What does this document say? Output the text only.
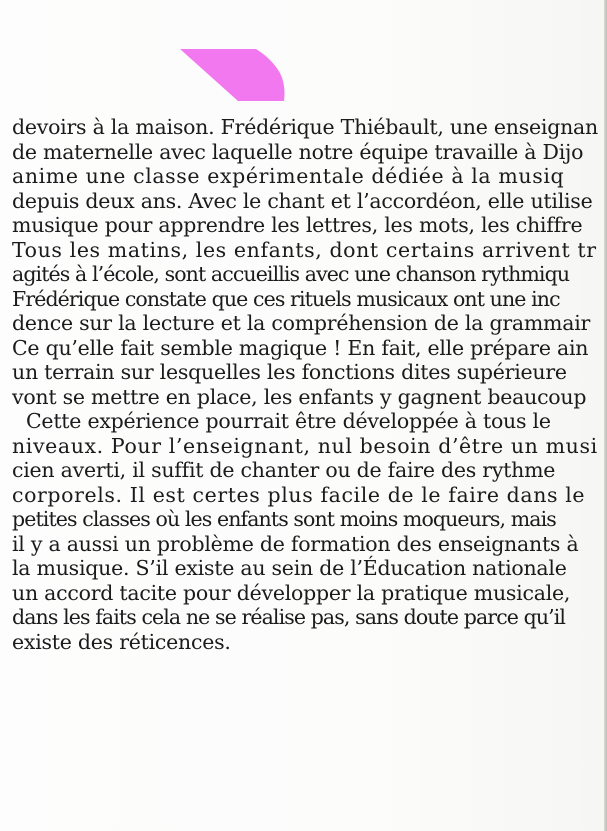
devoirs à la maison. Frédérique Thiébault, une enseignan
de maternelle avec laquelle notre équipe travaille à Dijo
anime une classe expérimentale dédiée à la musiq
depuis deux ans. Avec le chant et l’accordéon, elle utilise
musique pour apprendre les lettres, les mots, les chiffre
Tous les matins, les enfants, dont certains arrivent tr
agités à l’école, sont accueillis avec une chanson rythmiqu
Frédérique constate que ces rituels musicaux ont une inc
dence sur la lecture et la compréhension de la grammair
Ce qu’elle fait semble magique ! En fait, elle prépare ain
un terrain sur lesquelles les fonctions dites supérieure
vont se mettre en place, les enfants y gagnent beaucoup
Cette expérience pourrait être développée à tous le
niveaux. Pour l’enseignant, nul besoin d’être un musi
cien averti, il suffit de chanter ou de faire des rythme
corporels. Il est certes plus facile de le faire dans le
petites classes où les enfants sont moins moqueurs, mais
il y a aussi un problème de formation des enseignants à
la musique. S’il existe au sein de l’Éducation nationale
un accord tacite pour développer la pratique musicale,
dans les faits cela ne se réalise pas, sans doute parce qu’il
existe des réticences.
